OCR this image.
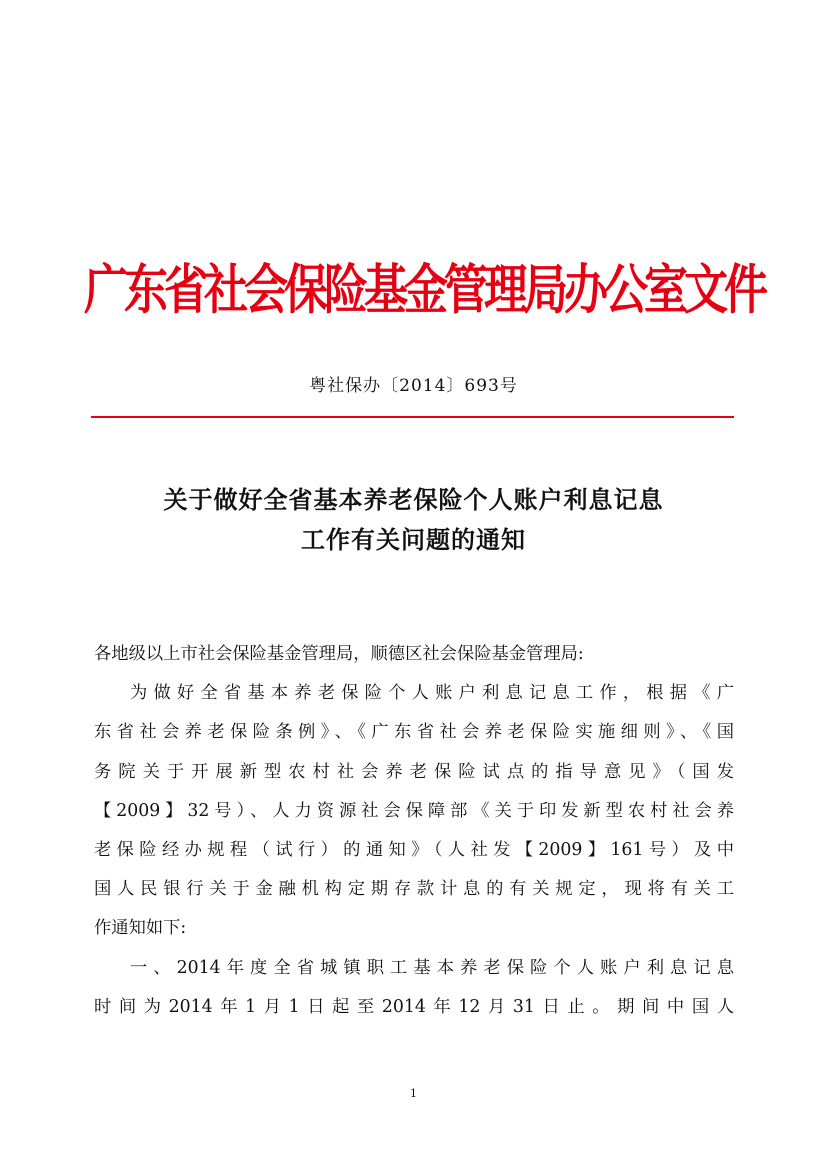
广东省社会保险基金管理局办公室文件
粤社保办〔2014〕693号
关于做好全省基本养老保险个人账户利息记息
工作有关问题的通知
各地级以上市社会保险基金管理局，顺德区社会保险基金管理局:
为做好全省基本养老保险个人账户利息记息工作，根据《广
东省社会养老保险条例》、《广东省社会养老保险实施细则》、《国
务院关于开展新型农村社会养老保险试点的指导意见》（国发
【2009】32号）、人力资源社会保障部《关于印发新型农村社会养
老保险经办规程（试行）的通知》（人社发【2009】161号）及中
国人民银行关于金融机构定期存款计息的有关规定，现将有关工
作通知如下:
一、2014年度全省城镇职工基本养老保险个人账户利息记息
时间为2014年1月1日起至2014年12月31日止。期间中国人
1
